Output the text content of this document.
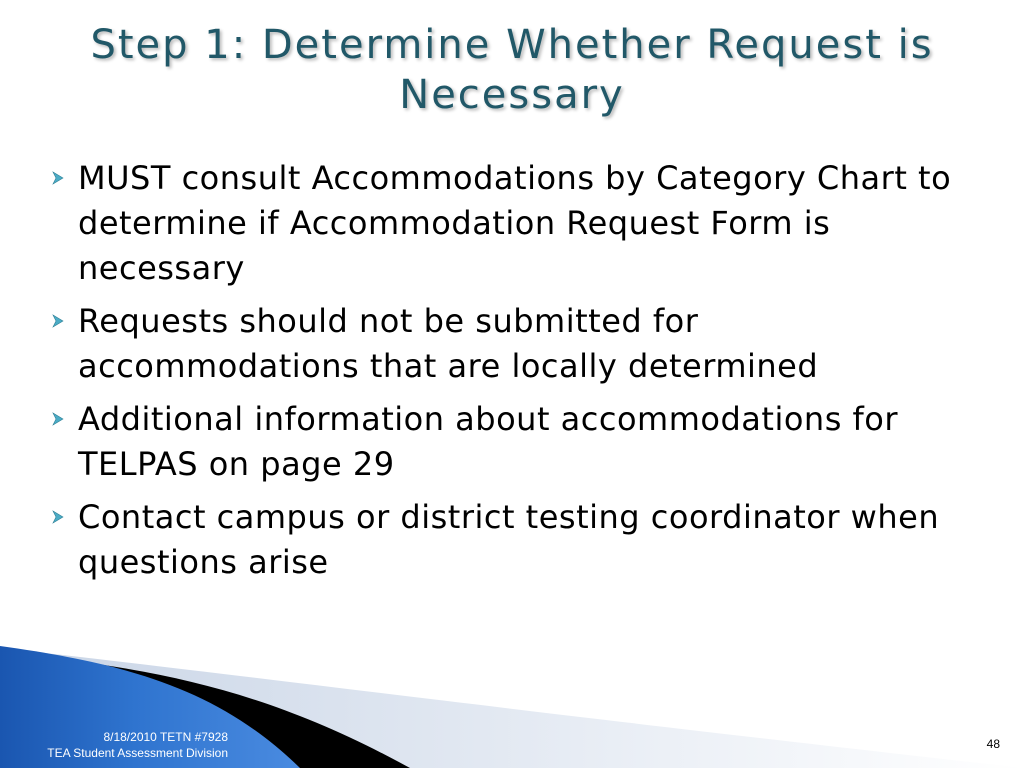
Step 1: Determine Whether Request is Necessary
MUST consult Accommodations by Category Chart to determine if Accommodation Request Form is necessary
Requests should not be submitted for accommodations that are locally determined
Additional information about accommodations for TELPAS on page 29
Contact campus or district testing coordinator when questions arise
8/18/2010 TETN #7928
TEA Student Assessment Division
48
